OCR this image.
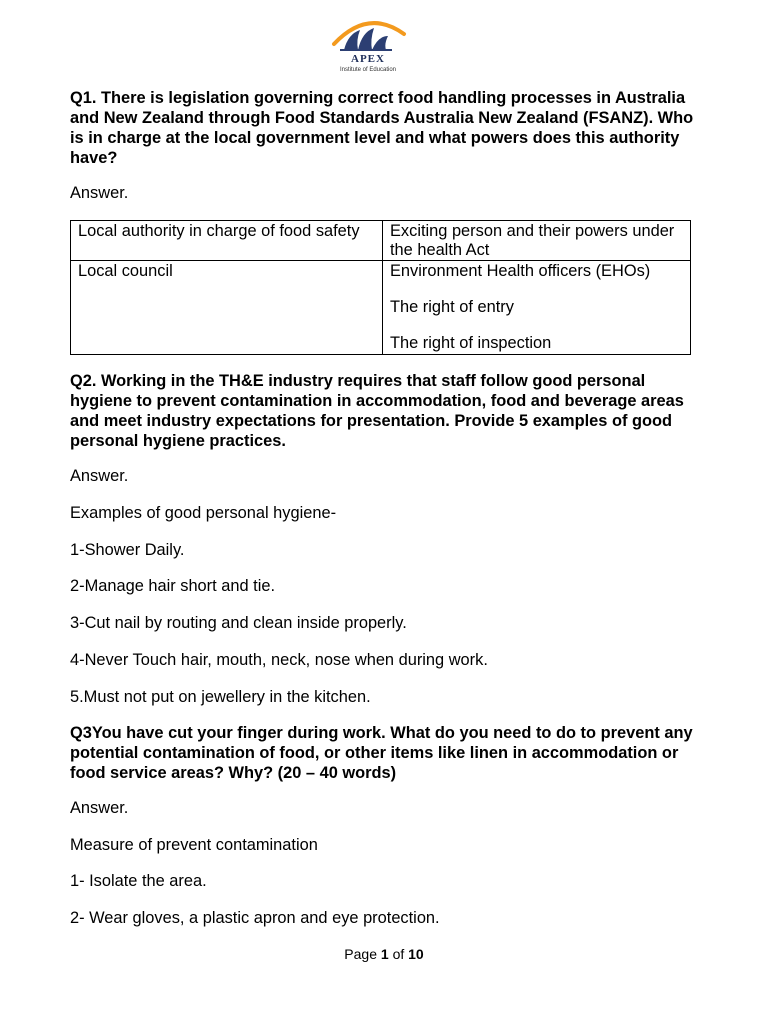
APEX
Institute of Education

Q1. There is legislation governing correct food handling processes in Australia and New Zealand through Food Standards Australia New Zealand (FSANZ). Who is in charge at the local government level and what powers does this authority have?

Answer.

Local authority in charge of food safety	Exciting person and their powers under the health Act
Local council	Environment Health officers (EHOs)

The right of entry

The right of inspection

Q2. Working in the TH&E industry requires that staff follow good personal hygiene to prevent contamination in accommodation, food and beverage areas and meet industry expectations for presentation. Provide 5 examples of good personal hygiene practices.

Answer.

Examples of good personal hygiene-

1-Shower Daily.

2-Manage hair short and tie.

3-Cut nail by routing and clean inside properly.

4-Never Touch hair, mouth, neck, nose when during work.

5.Must not put on jewellery in the kitchen.

Q3You have cut your finger during work. What do you need to do to prevent any potential contamination of food, or other items like linen in accommodation or food service areas? Why? (20 – 40 words)

Answer.

Measure of prevent contamination

1- Isolate the area.

2- Wear gloves, a plastic apron and eye protection.

Page 1 of 10
